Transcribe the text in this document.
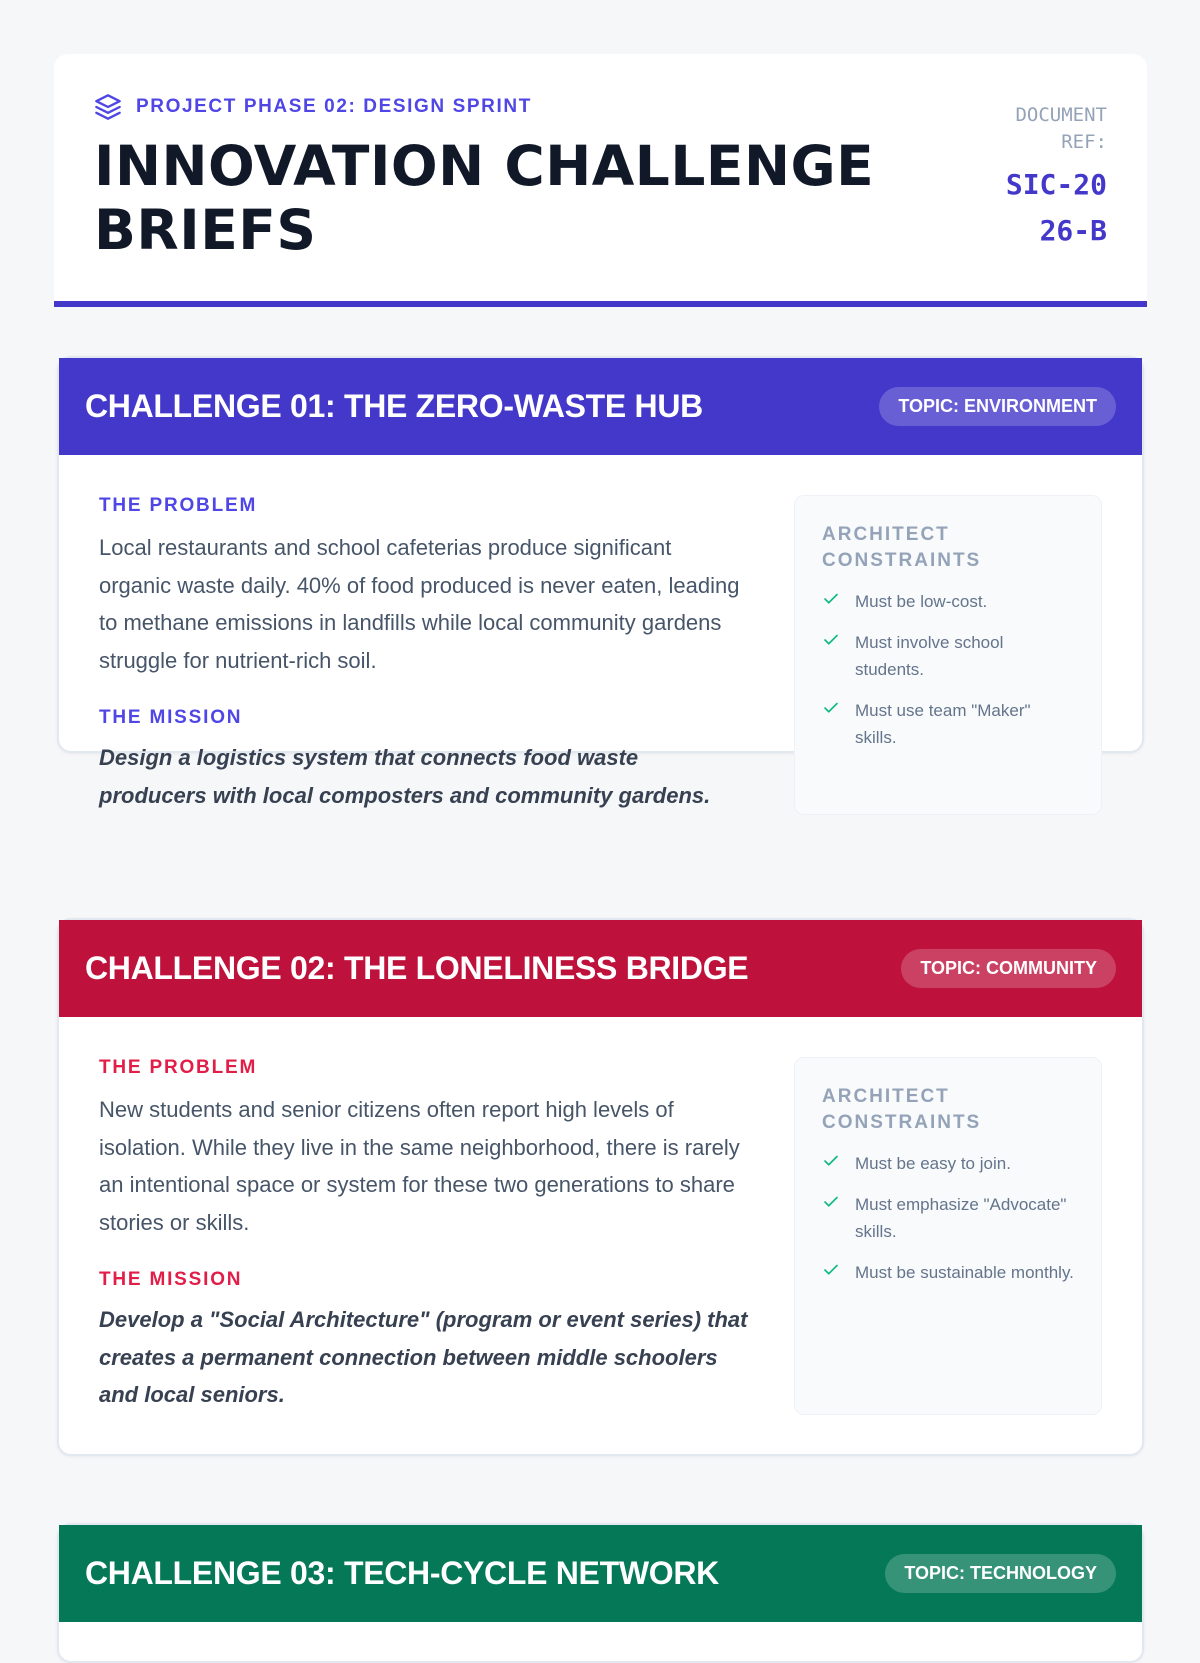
PROJECT PHASE 02: DESIGN SPRINT
INNOVATION CHALLENGE BRIEFS
DOCUMENT REF:
SIC-2026-B
CHALLENGE 01: THE ZERO-WASTE HUB	TOPIC: ENVIRONMENT
THE PROBLEM

Local restaurants and school cafeterias produce significant organic waste daily. 40% of food produced is never eaten, leading to methane emissions in landfills while local community gardens struggle for nutrient-rich soil.

THE MISSION

Design a logistics system that connects food waste producers with local composters and community gardens.

ARCHITECT CONSTRAINTS
Must be low-cost.
Must involve school students.
Must use team "Maker" skills.
CHALLENGE 02: THE LONELINESS BRIDGE	TOPIC: COMMUNITY
THE PROBLEM

New students and senior citizens often report high levels of isolation. While they live in the same neighborhood, there is rarely an intentional space or system for these two generations to share stories or skills.

THE MISSION

Develop a "Social Architecture" (program or event series) that creates a permanent connection between middle schoolers and local seniors.

ARCHITECT CONSTRAINTS
Must be easy to join.
Must emphasize "Advocate" skills.
Must be sustainable monthly.
CHALLENGE 03: TECH-CYCLE NETWORK	TOPIC: TECHNOLOGY
